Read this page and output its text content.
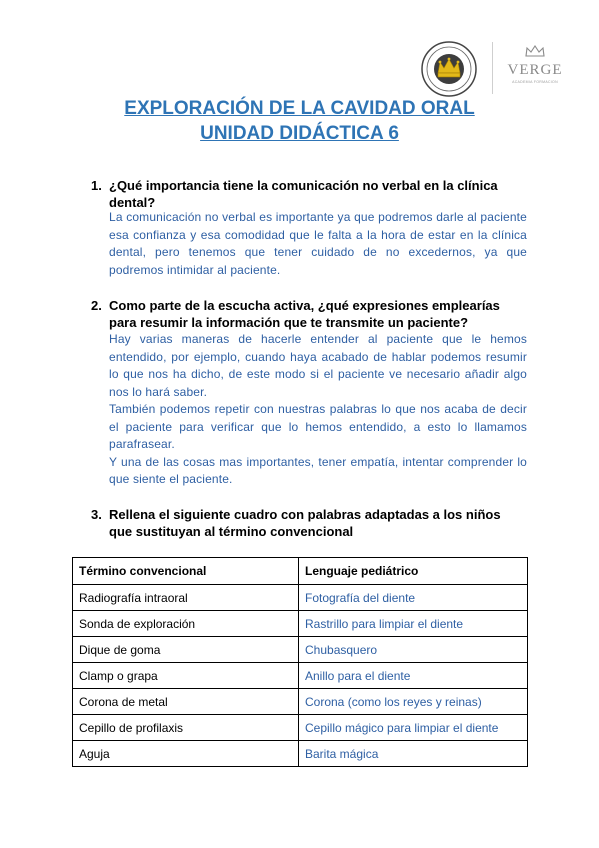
VERGE
ACADEMIA FORMACION
EXPLORACIÓN DE LA CAVIDAD ORAL
UNIDAD DIDÁCTICA 6
1. ¿Qué importancia tiene la comunicación no verbal en la clínica
dental?

La comunicación no verbal es importante ya que podremos darle al paciente esa confianza y esa comodidad que le falta a la hora de estar en la clínica dental, pero tenemos que tener cuidado de no excedernos, ya que podremos intimidar al paciente.

2. Como parte de la escucha activa, ¿qué expresiones emplearías
para resumir la información que te transmite un paciente?

Hay varias maneras de hacerle entender al paciente que le hemos entendido, por ejemplo, cuando haya acabado de hablar podemos resumir lo que nos ha dicho, de este modo si el paciente ve necesario añadir algo nos lo hará saber.

También podemos repetir con nuestras palabras lo que nos acaba de decir el paciente para verificar que lo hemos entendido, a esto lo llamamos parafrasear.

Y una de las cosas mas importantes, tener empatía, intentar comprender lo que siente el paciente.

3. Rellena el siguiente cuadro con palabras adaptadas a los niños
que sustituyan al término convencional
Término convencional	Lenguaje pediátrico
Radiografía intraoral	Fotografía del diente
Sonda de exploración	Rastrillo para limpiar el diente
Dique de goma	Chubasquero
Clamp o grapa	Anillo para el diente
Corona de metal	Corona (como los reyes y reinas)
Cepillo de profilaxis	Cepillo mágico para limpiar el diente
Aguja	Barita mágica
